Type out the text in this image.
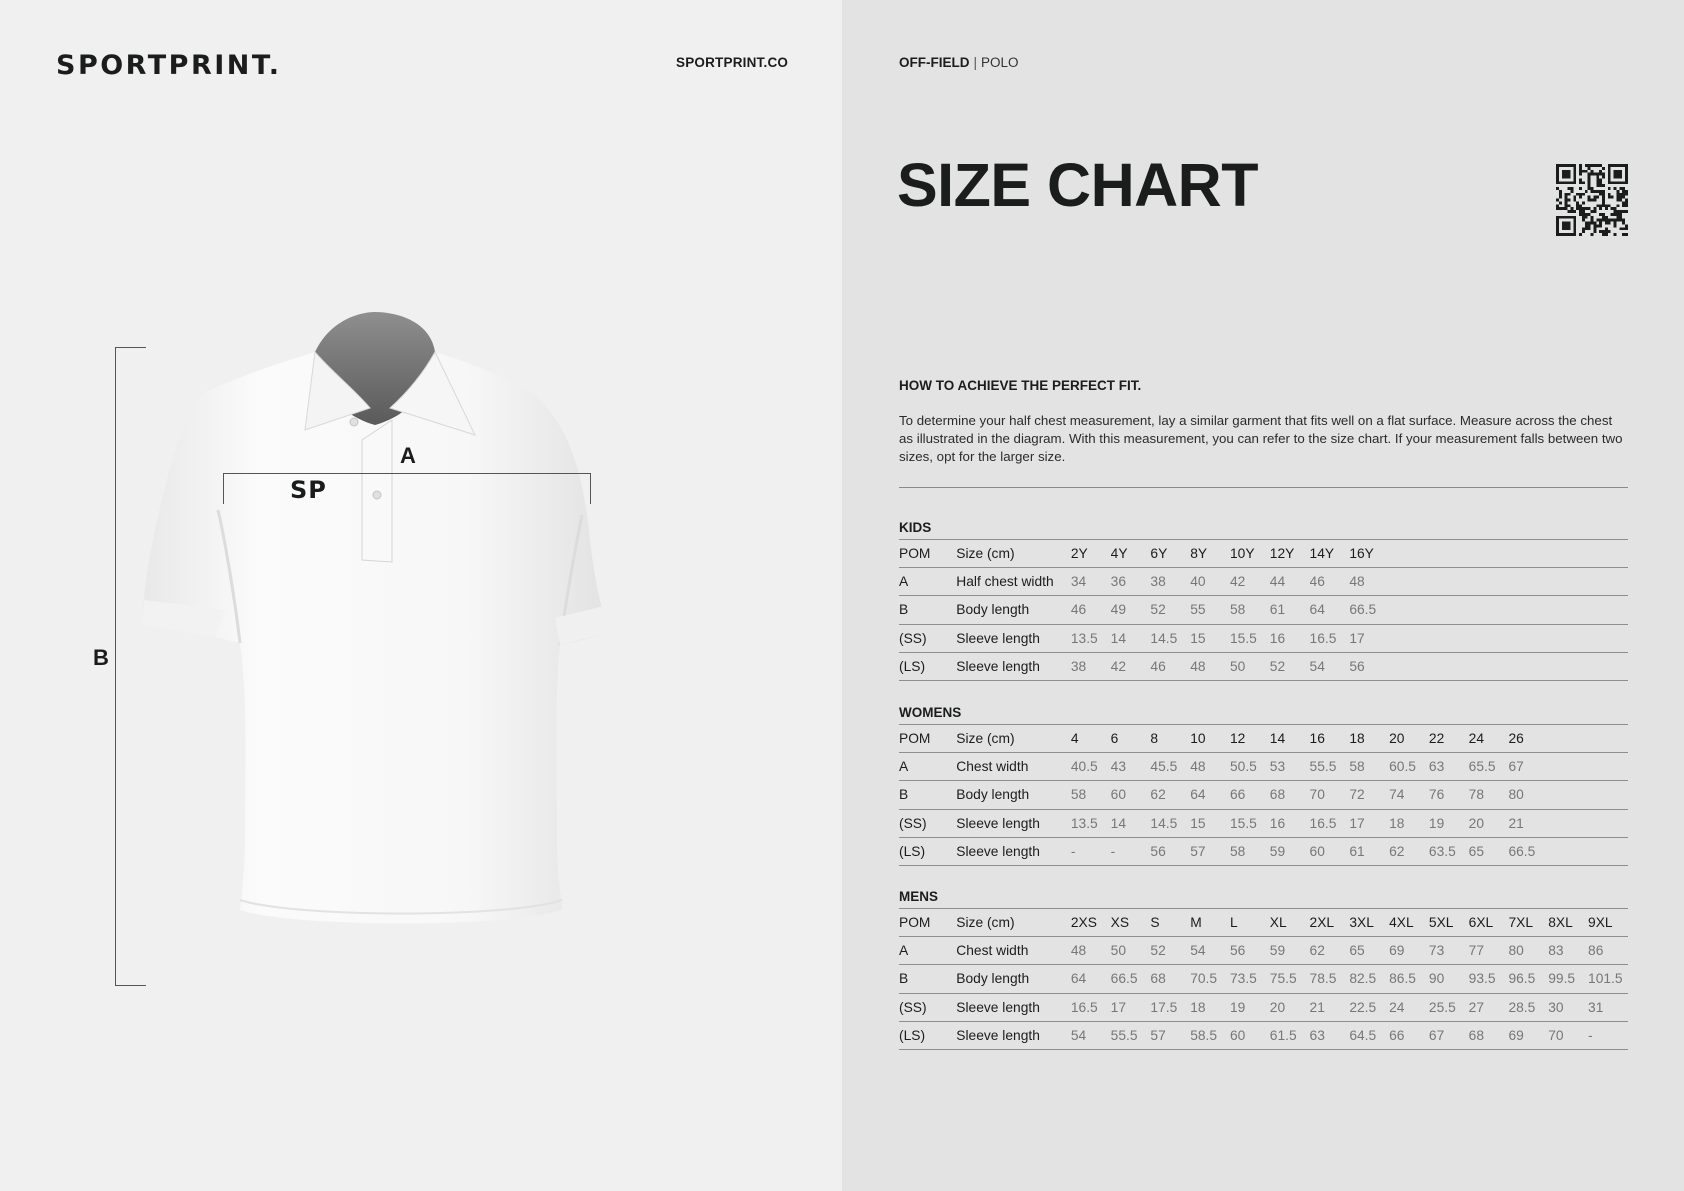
SPORTPRINT.	SPORTPRINT.CO	OFF-FIELD | POLO
SIZE CHART
B
A
SP
HOW TO ACHIEVE THE PERFECT FIT.
To determine your half chest measurement, lay a similar garment that fits well on a flat surface. Measure across the chest as illustrated in the diagram. With this measurement, you can refer to the size chart. If your measurement falls between two sizes, opt for the larger size.
KIDS
POM	Size (cm)	2Y	4Y	6Y	8Y	10Y	12Y	14Y	16Y						
A	Half chest width	34	36	38	40	42	44	46	48						
B	Body length	46	49	52	55	58	61	64	66.5						
(SS)	Sleeve length	13.5	14	14.5	15	15.5	16	16.5	17						
(LS)	Sleeve length	38	42	46	48	50	52	54	56						
WOMENS
POM	Size (cm)	4	6	8	10	12	14	16	18	20	22	24	26		
A	Chest width	40.5	43	45.5	48	50.5	53	55.5	58	60.5	63	65.5	67		
B	Body length	58	60	62	64	66	68	70	72	74	76	78	80		
(SS)	Sleeve length	13.5	14	14.5	15	15.5	16	16.5	17	18	19	20	21		
(LS)	Sleeve length	-	-	56	57	58	59	60	61	62	63.5	65	66.5		
MENS
POM	Size (cm)	2XS	XS	S	M	L	XL	2XL	3XL	4XL	5XL	6XL	7XL	8XL	9XL
A	Chest width	48	50	52	54	56	59	62	65	69	73	77	80	83	86
B	Body length	64	66.5	68	70.5	73.5	75.5	78.5	82.5	86.5	90	93.5	96.5	99.5	101.5
(SS)	Sleeve length	16.5	17	17.5	18	19	20	21	22.5	24	25.5	27	28.5	30	31
(LS)	Sleeve length	54	55.5	57	58.5	60	61.5	63	64.5	66	67	68	69	70	-
